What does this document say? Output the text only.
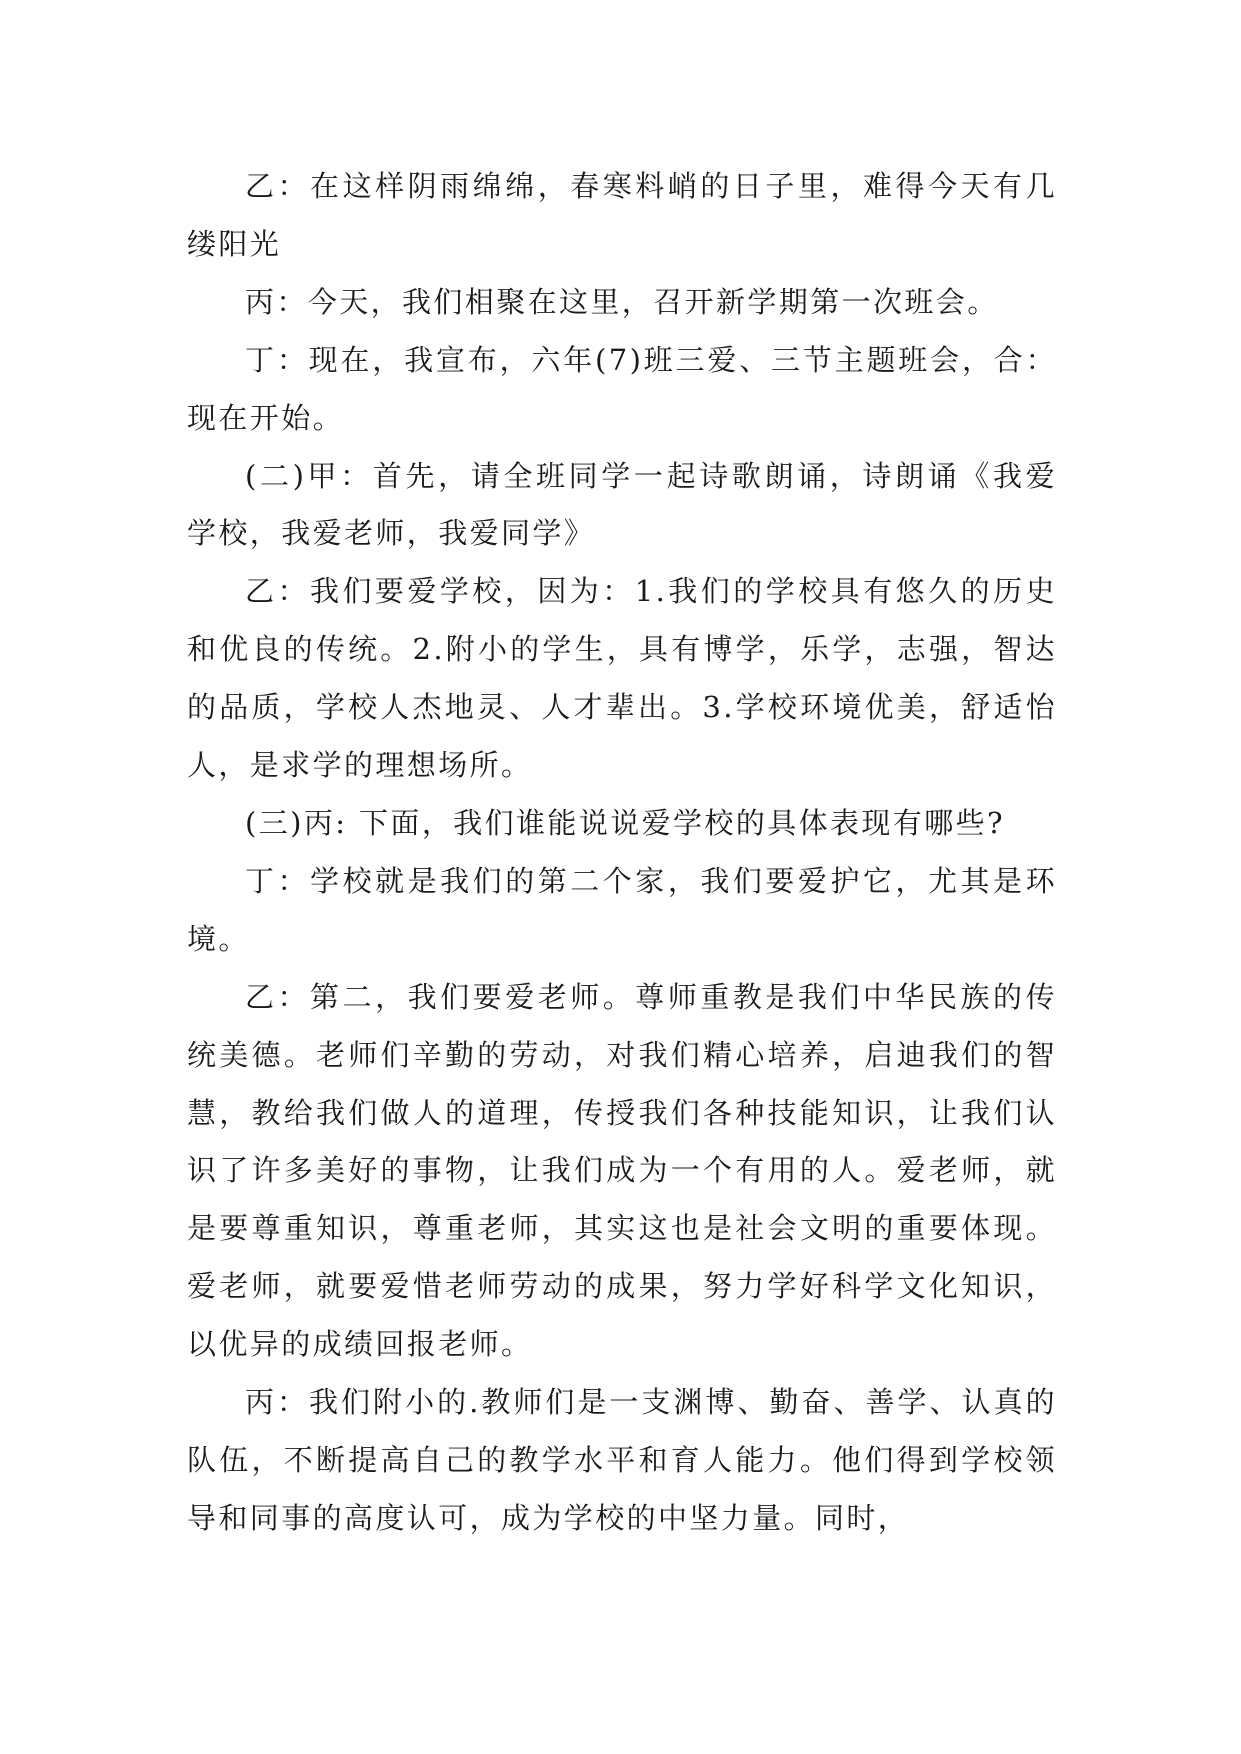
乙：在这样阴雨绵绵，春寒料峭的日子里，难得今天有几缕阳光

丙：今天，我们相聚在这里，召开新学期第一次班会。

丁：现在，我宣布，六年(7)班三爱、三节主题班会，合：现在开始。

(二)甲：首先，请全班同学一起诗歌朗诵，诗朗诵《我爱学校，我爱老师，我爱同学》

乙：我们要爱学校，因为：1.我们的学校具有悠久的历史和优良的传统。2.附小的学生，具有博学，乐学，志强，智达的品质，学校人杰地灵、人才辈出。3.学校环境优美，舒适怡人，是求学的理想场所。

(三)丙: 下面，我们谁能说说爱学校的具体表现有哪些?

丁：学校就是我们的第二个家，我们要爱护它，尤其是环境。

乙：第二，我们要爱老师。尊师重教是我们中华民族的传统美德。老师们辛勤的劳动，对我们精心培养，启迪我们的智慧，教给我们做人的道理，传授我们各种技能知识，让我们认识了许多美好的事物，让我们成为一个有用的人。爱老师，就是要尊重知识，尊重老师，其实这也是社会文明的重要体现。爱老师，就要爱惜老师劳动的成果，努力学好科学文化知识，以优异的成绩回报老师。

丙：我们附小的.教师们是一支渊博、勤奋、善学、认真的队伍，不断提高自己的教学水平和育人能力。他们得到学校领导和同事的高度认可，成为学校的中坚力量。同时，
